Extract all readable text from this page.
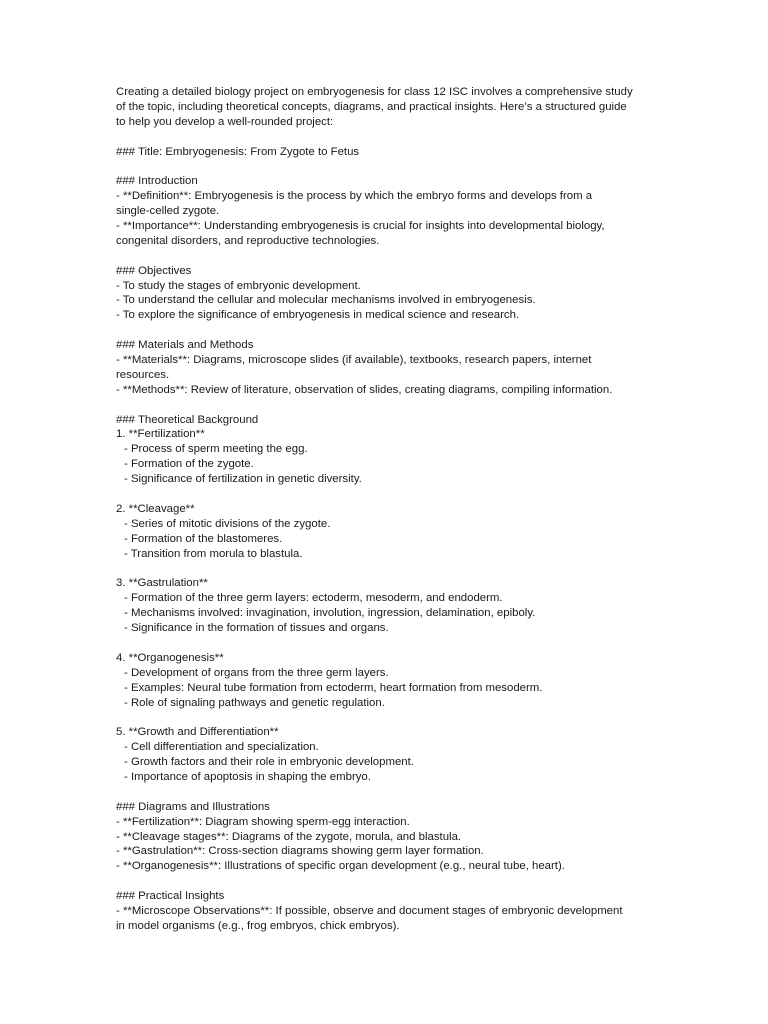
Creating a detailed biology project on embryogenesis for class 12 ISC involves a comprehensive study
of the topic, including theoretical concepts, diagrams, and practical insights. Here’s a structured guide
to help you develop a well-rounded project:
### Title: Embryogenesis: From Zygote to Fetus
### Introduction
- **Definition**: Embryogenesis is the process by which the embryo forms and develops from a
single-celled zygote.
- **Importance**: Understanding embryogenesis is crucial for insights into developmental biology,
congenital disorders, and reproductive technologies.
### Objectives
- To study the stages of embryonic development.
- To understand the cellular and molecular mechanisms involved in embryogenesis.
- To explore the significance of embryogenesis in medical science and research.
### Materials and Methods
- **Materials**: Diagrams, microscope slides (if available), textbooks, research papers, internet
resources.
- **Methods**: Review of literature, observation of slides, creating diagrams, compiling information.
### Theoretical Background
1. **Fertilization**
- Process of sperm meeting the egg.
- Formation of the zygote.
- Significance of fertilization in genetic diversity.
2. **Cleavage**
- Series of mitotic divisions of the zygote.
- Formation of the blastomeres.
- Transition from morula to blastula.
3. **Gastrulation**
- Formation of the three germ layers: ectoderm, mesoderm, and endoderm.
- Mechanisms involved: invagination, involution, ingression, delamination, epiboly.
- Significance in the formation of tissues and organs.
4. **Organogenesis**
- Development of organs from the three germ layers.
- Examples: Neural tube formation from ectoderm, heart formation from mesoderm.
- Role of signaling pathways and genetic regulation.
5. **Growth and Differentiation**
- Cell differentiation and specialization.
- Growth factors and their role in embryonic development.
- Importance of apoptosis in shaping the embryo.
### Diagrams and Illustrations
- **Fertilization**: Diagram showing sperm-egg interaction.
- **Cleavage stages**: Diagrams of the zygote, morula, and blastula.
- **Gastrulation**: Cross-section diagrams showing germ layer formation.
- **Organogenesis**: Illustrations of specific organ development (e.g., neural tube, heart).
### Practical Insights
- **Microscope Observations**: If possible, observe and document stages of embryonic development
in model organisms (e.g., frog embryos, chick embryos).
